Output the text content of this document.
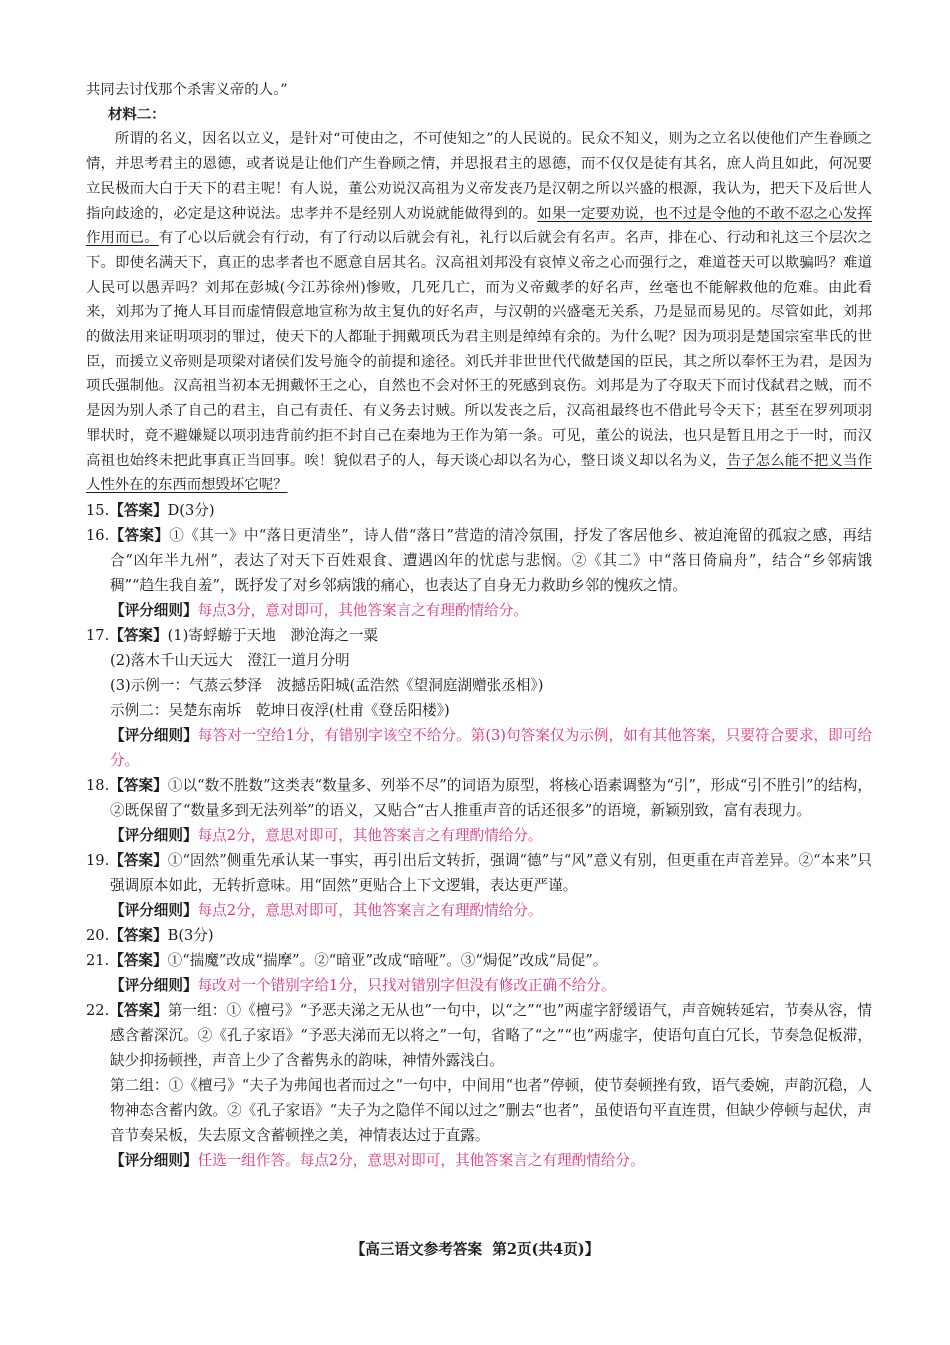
共同去讨伐那个杀害义帝的人。”

材料二：

所谓的名义，因名以立义，是针对“可使由之，不可使知之”的人民说的。民众不知义，则为之立名以使他们产生眷顾之情，并思考君主的恩德，或者说是让他们产生眷顾之情，并思报君主的恩德，而不仅仅是徒有其名，庶人尚且如此，何况要立民极而大白于天下的君主呢！有人说，董公劝说汉高祖为义帝发丧乃是汉朝之所以兴盛的根源，我认为，把天下及后世人指向歧途的，必定是这种说法。忠孝并不是经别人劝说就能做得到的。如果一定要劝说，也不过是令他的不敢不忍之心发挥作用而已。有了心以后就会有行动，有了行动以后就会有礼，礼行以后就会有名声。名声，排在心、行动和礼这三个层次之下。即使名满天下，真正的忠孝者也不愿意自居其名。汉高祖刘邦没有哀悼义帝之心而强行之，难道苍天可以欺骗吗？难道人民可以愚弄吗？刘邦在彭城(今江苏徐州)惨败，几死几亡，而为义帝戴孝的好名声，丝毫也不能解救他的危难。由此看来，刘邦为了掩人耳目而虚情假意地宣称为故主复仇的好名声，与汉朝的兴盛毫无关系，乃是显而易见的。尽管如此，刘邦的做法用来证明项羽的罪过，使天下的人都耻于拥戴项氏为君主则是绰绰有余的。为什么呢？因为项羽是楚国宗室芈氏的世臣，而援立义帝则是项梁对诸侯们发号施令的前提和途径。刘氏并非世世代代做楚国的臣民，其之所以奉怀王为君，是因为项氏强制他。汉高祖当初本无拥戴怀王之心，自然也不会对怀王的死感到哀伤。刘邦是为了夺取天下而讨伐弑君之贼，而不是因为别人杀了自己的君主，自己有责任、有义务去讨贼。所以发丧之后，汉高祖最终也不借此号令天下；甚至在罗列项羽罪状时，竟不避嫌疑以项羽违背前约拒不封自己在秦地为王作为第一条。可见，董公的说法，也只是暂且用之于一时，而汉高祖也始终未把此事真正当回事。唉！貌似君子的人，每天谈心却以名为心，整日谈义却以名为义，告子怎么能不把义当作人性外在的东西而想毁坏它呢？

15.【答案】D(3分)

16.【答案】①《其一》中“落日更清坐”，诗人借“落日”营造的清冷氛围，抒发了客居他乡、被迫淹留的孤寂之感，再结合“凶年半九州”，表达了对天下百姓艰食、遭遇凶年的忧虑与悲悯。②《其二》中“落日倚扁舟”，结合“乡邻病饿稠”“趋生我自羞”，既抒发了对乡邻病饿的痛心，也表达了自身无力救助乡邻的愧疚之情。

【评分细则】每点3分，意对即可，其他答案言之有理酌情给分。

17.【答案】(1)寄蜉蝣于天地　渺沧海之一粟

(2)落木千山天远大　澄江一道月分明

(3)示例一：气蒸云梦泽　波撼岳阳城(孟浩然《望洞庭湖赠张丞相》)

示例二：吴楚东南坼　乾坤日夜浮(杜甫《登岳阳楼》)

【评分细则】每答对一空给1分，有错别字该空不给分。第(3)句答案仅为示例，如有其他答案，只要符合要求，即可给分。

18.【答案】①以“数不胜数”这类表“数量多、列举不尽”的词语为原型，将核心语素调整为“引”，形成“引不胜引”的结构，②既保留了“数量多到无法列举”的语义，又贴合“古人推重声音的话还很多”的语境，新颖别致，富有表现力。

【评分细则】每点2分，意思对即可，其他答案言之有理酌情给分。

19.【答案】①“固然”侧重先承认某一事实，再引出后文转折，强调“德”与“风”意义有别，但更重在声音差异。②“本来”只强调原本如此，无转折意味。用“固然”更贴合上下文逻辑，表达更严谨。

【评分细则】每点2分，意思对即可，其他答案言之有理酌情给分。

20.【答案】B(3分)

21.【答案】①“揣魔”改成“揣摩”。②“暗亚”改成“暗哑”。③“焗促”改成“局促”。

【评分细则】每改对一个错别字给1分，只找对错别字但没有修改正确不给分。

22.【答案】第一组：①《檀弓》“予恶夫涕之无从也”一句中，以“之”“也”两虚字舒缓语气，声音婉转延宕，节奏从容，情感含蓄深沉。②《孔子家语》“予恶夫涕而无以将之”一句，省略了“之”“也”两虚字，使语句直白冗长，节奏急促板滞，缺少抑扬顿挫，声音上少了含蓄隽永的韵味，神情外露浅白。

第二组：①《檀弓》“夫子为弗闻也者而过之”一句中，中间用“也者”停顿，使节奏顿挫有致，语气委婉，声韵沉稳，人物神态含蓄内敛。②《孔子家语》“夫子为之隐佯不闻以过之”删去“也者”，虽使语句平直连贯，但缺少停顿与起伏，声音节奏呆板，失去原文含蓄顿挫之美，神情表达过于直露。

【评分细则】任选一组作答。每点2分，意思对即可，其他答案言之有理酌情给分。

【高三语文参考答案 第2页(共4页)】
